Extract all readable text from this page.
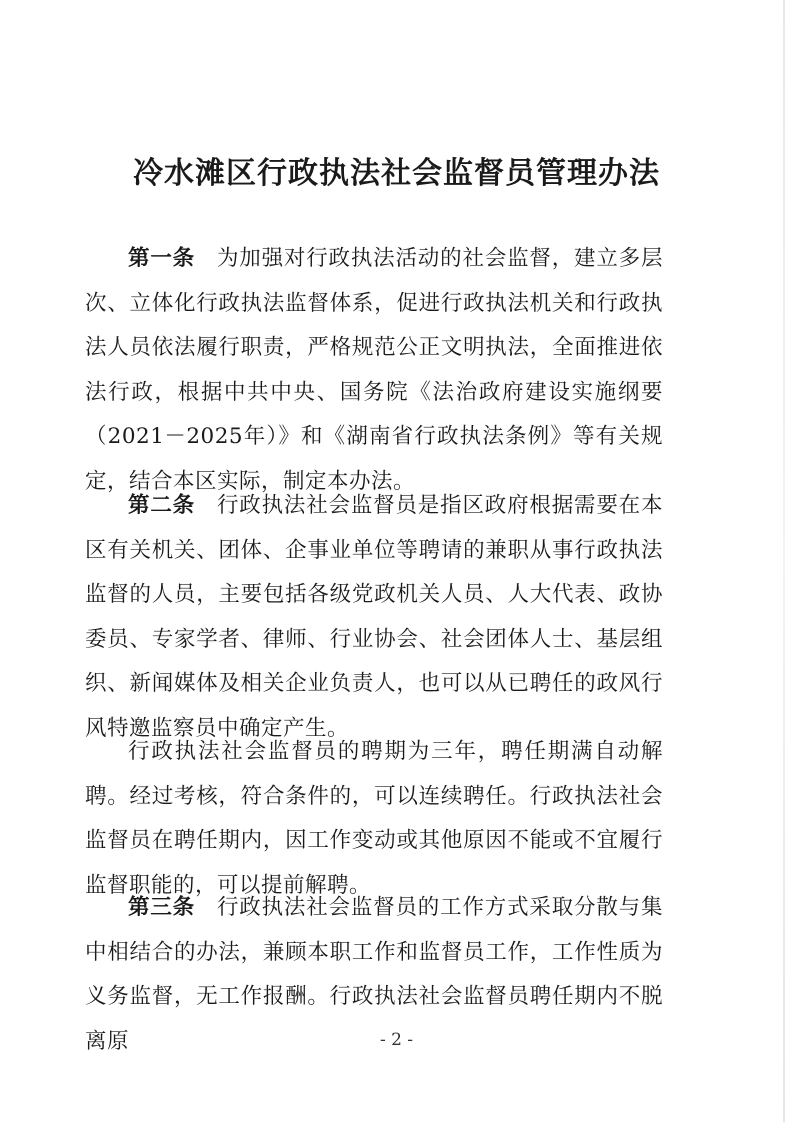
冷水滩区行政执法社会监督员管理办法

第一条 为加强对行政执法活动的社会监督，建立多层次、立体化行政执法监督体系，促进行政执法机关和行政执法人员依法履行职责，严格规范公正文明执法，全面推进依法行政，根据中共中央、国务院《法治政府建设实施纲要（2021－2025年）》和《湖南省行政执法条例》等有关规定，结合本区实际，制定本办法。

第二条 行政执法社会监督员是指区政府根据需要在本区有关机关、团体、企事业单位等聘请的兼职从事行政执法监督的人员，主要包括各级党政机关人员、人大代表、政协委员、专家学者、律师、行业协会、社会团体人士、基层组织、新闻媒体及相关企业负责人，也可以从已聘任的政风行风特邀监察员中确定产生。

行政执法社会监督员的聘期为三年，聘任期满自动解聘。经过考核，符合条件的，可以连续聘任。行政执法社会监督员在聘任期内，因工作变动或其他原因不能或不宜履行监督职能的，可以提前解聘。

第三条 行政执法社会监督员的工作方式采取分散与集中相结合的办法，兼顾本职工作和监督员工作，工作性质为义务监督，无工作报酬。行政执法社会监督员聘任期内不脱离原	- 2 -
